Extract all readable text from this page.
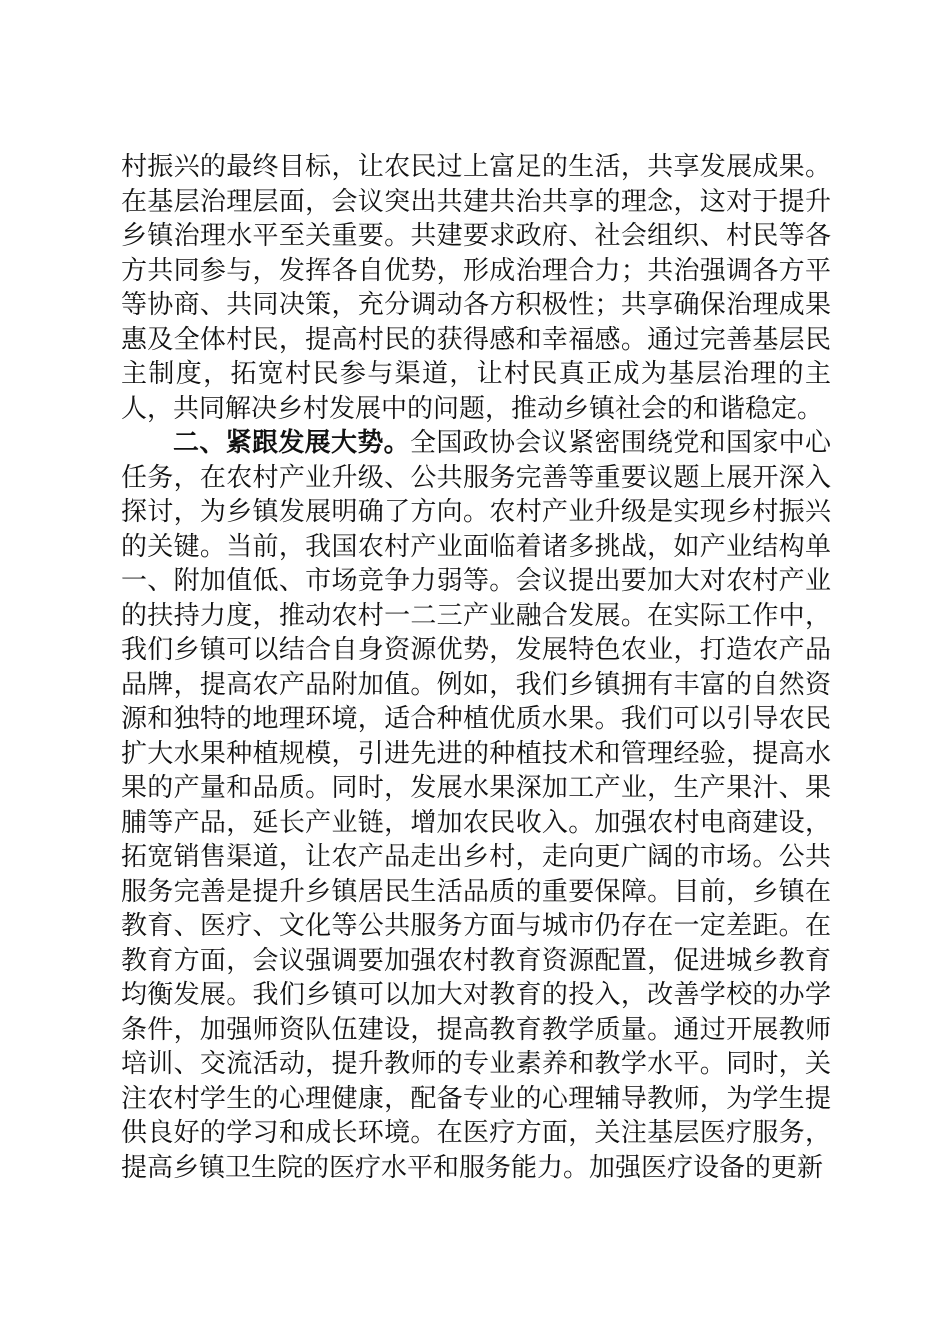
村振兴的最终目标，让农民过上富足的生活，共享发展成果。在基层治理层面，会议突出共建共治共享的理念，这对于提升乡镇治理水平至关重要。共建要求政府、社会组织、村民等各方共同参与，发挥各自优势，形成治理合力；共治强调各方平等协商、共同决策，充分调动各方积极性；共享确保治理成果惠及全体村民，提高村民的获得感和幸福感。通过完善基层民主制度，拓宽村民参与渠道，让村民真正成为基层治理的主人，共同解决乡村发展中的问题，推动乡镇社会的和谐稳定。

二、紧跟发展大势。全国政协会议紧密围绕党和国家中心任务，在农村产业升级、公共服务完善等重要议题上展开深入探讨，为乡镇发展明确了方向。农村产业升级是实现乡村振兴的关键。当前，我国农村产业面临着诸多挑战，如产业结构单一、附加值低、市场竞争力弱等。会议提出要加大对农村产业的扶持力度，推动农村一二三产业融合发展。在实际工作中，我们乡镇可以结合自身资源优势，发展特色农业，打造农产品品牌，提高农产品附加值。例如，我们乡镇拥有丰富的自然资源和独特的地理环境，适合种植优质水果。我们可以引导农民扩大水果种植规模，引进先进的种植技术和管理经验，提高水果的产量和品质。同时，发展水果深加工产业，生产果汁、果脯等产品，延长产业链，增加农民收入。加强农村电商建设，拓宽销售渠道，让农产品走出乡村，走向更广阔的市场。公共服务完善是提升乡镇居民生活品质的重要保障。目前，乡镇在教育、医疗、文化等公共服务方面与城市仍存在一定差距。在教育方面，会议强调要加强农村教育资源配置，促进城乡教育均衡发展。我们乡镇可以加大对教育的投入，改善学校的办学条件，加强师资队伍建设，提高教育教学质量。通过开展教师培训、交流活动，提升教师的专业素养和教学水平。同时，关注农村学生的心理健康，配备专业的心理辅导教师，为学生提供良好的学习和成长环境。在医疗方面，关注基层医疗服务，提高乡镇卫生院的医疗水平和服务能力。加强医疗设备的更新
